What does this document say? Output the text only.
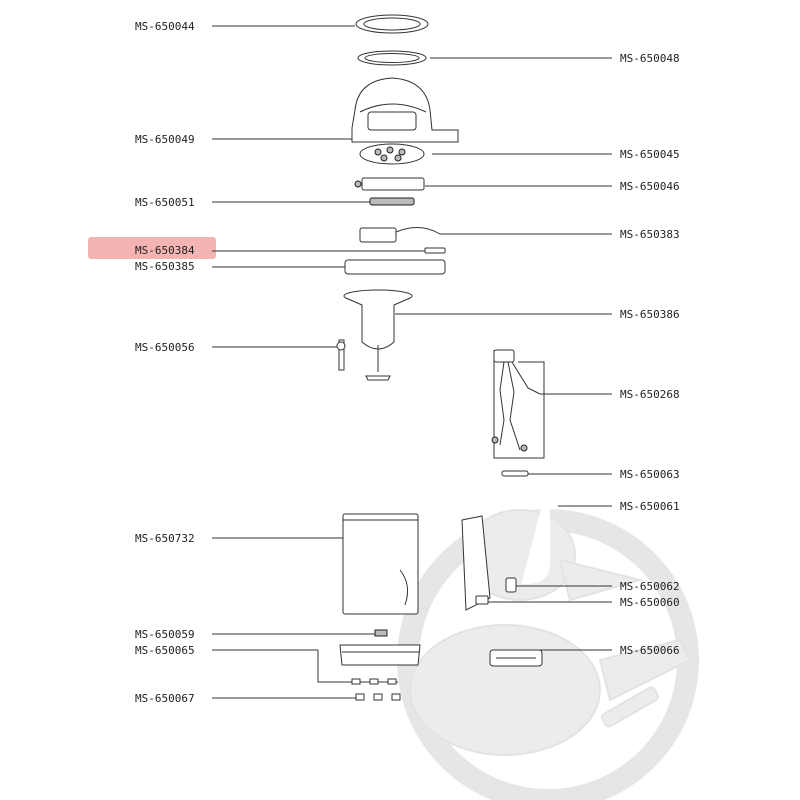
MS-650044
MS-650048
MS-650049
MS-650045
MS-650046
MS-650051
MS-650383
MS-650384
MS-650385
MS-650386
MS-650056
MS-650268
MS-650063
MS-650061
MS-650732
MS-650062
MS-650060
MS-650059
MS-650065	MS-650066
MS-650067
